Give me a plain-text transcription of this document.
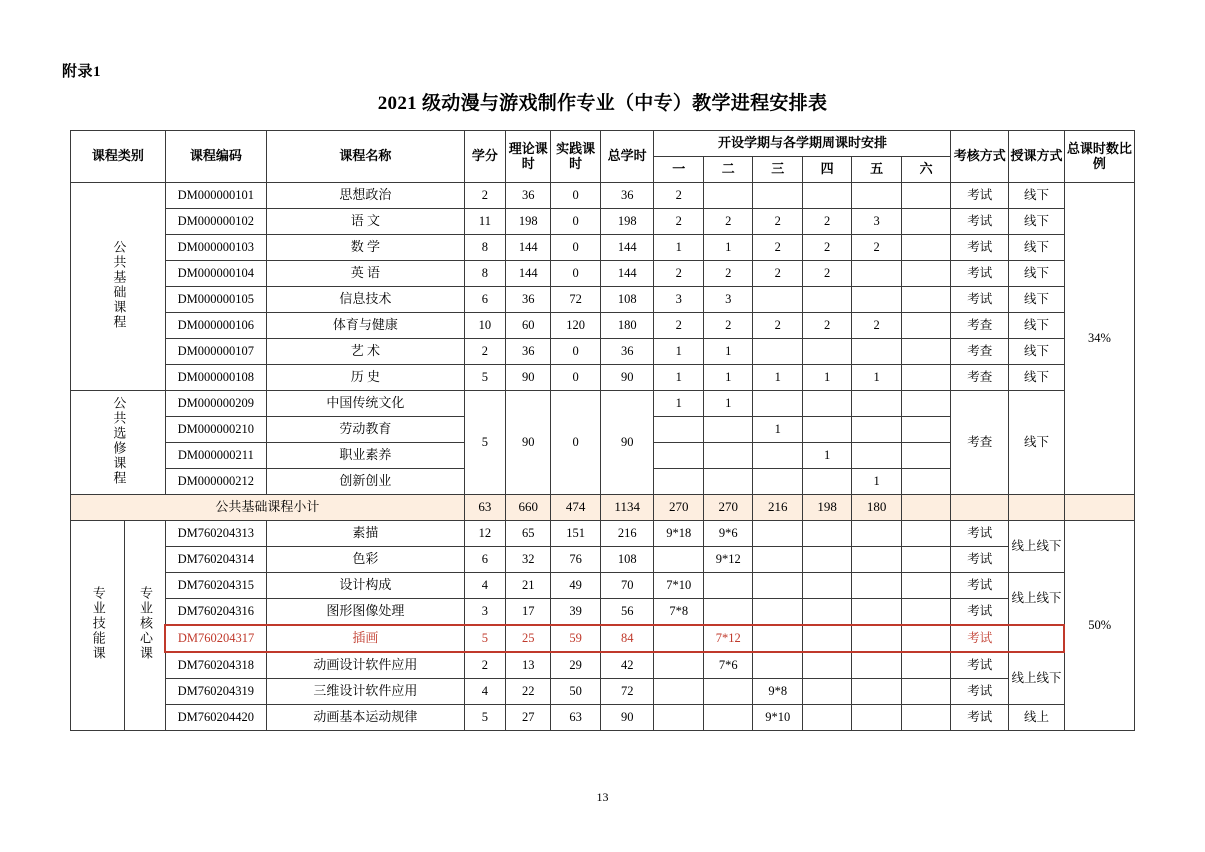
附录1
2021 级动漫与游戏制作专业（中专）教学进程安排表
课程类别		课程编码	课程名称	学分	理论课时	实践课时	总学时	开设学期与各学期周课时安排						考核方式	授课方式	总课时数比例
								一	二	三	四	五	六			
公共基础课程		DM000000101	思想政治	2	36	0	36	2						考试	线下	34%
		DM000000102	语 文	11	198	0	198	2	2	2	2	3		考试	线下	
		DM000000103	数 学	8	144	0	144	1	1	2	2	2		考试	线下	
		DM000000104	英 语	8	144	0	144	2	2	2	2			考试	线下	
		DM000000105	信息技术	6	36	72	108	3	3					考试	线下	
		DM000000106	体育与健康	10	60	120	180	2	2	2	2	2		考查	线下	
		DM000000107	艺 术	2	36	0	36	1	1					考查	线下	
		DM000000108	历 史	5	90	0	90	1	1	1	1	1		考查	线下	
公共选修课程		DM000000209	中国传统文化	5	90	0	90	1	1					考查	线下	
		DM000000210	劳动教育							1						
		DM000000211	职业素养								1					
		DM000000212	创新创业									1				
公共基础课程小计				63	660	474	1134	270	270	216	198	180				
专业技能课	专业核心课	DM760204313	素描	12	65	151	216	9*18	9*6					考试	线上线下	50%
		DM760204314	色彩	6	32	76	108		9*12					考试		
		DM760204315	设计构成	4	21	49	70	7*10						考试	线上线下	
		DM760204316	图形图像处理	3	17	39	56	7*8						考试		
		DM760204317	插画	5	25	59	84		7*12					考试		
		DM760204318	动画设计软件应用	2	13	29	42		7*6					考试	线上线下	
		DM760204319	三维设计软件应用	4	22	50	72			9*8				考试		
		DM760204420	动画基本运动规律	5	27	63	90			9*10				考试	线上	
13
